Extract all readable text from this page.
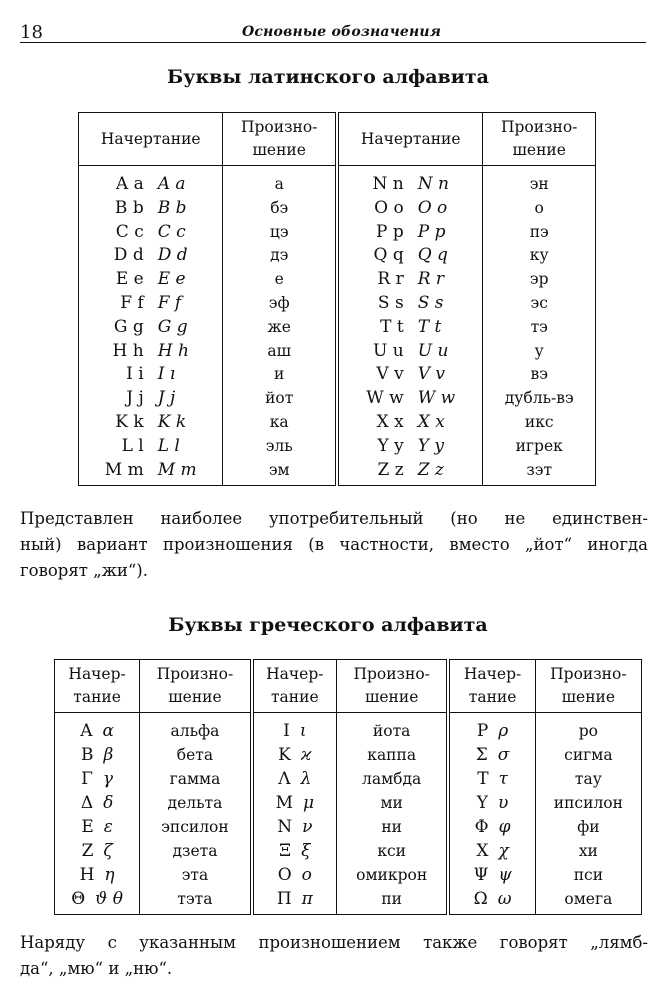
18	Основные обозначения
Буквы латинского алфавита
Начертание	Произно-
шение	Начертание	Произно-
шение

A a A a	а	N n N n	эн

B b B b	бэ	O o O o	о

C c C c	цэ	P p P p	пэ

D d D d	дэ	Q q Q q	ку

E e E e	е	R r R r	эр

F f F f	эф	S s S s	эс

G g G g	же	T t T t	тэ

H h H h	аш	U u U u	у

I i I ı	и	V v V v	вэ

J j J j	йот	W w W w	дубль-вэ

K k K k	ка	X x X x	икс

L l L l	эль	Y y Y y	игрек

M m M m	эм	Z z Z z	зэт
Представлен наиболее употребительный (но не единствен-
ный) вариант произношения (в частности, вместо „йот“ иногда
говорят „жи“).
Буквы греческого алфавита
Начер-
тание	Произно-
шение	Начер-
тание	Произно-
шение	Начер-
тание	Произно-
шение

A α	альфа	I ι	йота	P ρ	ро

B β	бета	K ϰ	каппа	Σ σ	сигма

Γ γ	гамма	Λ λ	ламбда	T τ	тау

Δ δ	дельта	M μ	ми	Υ υ	ипсилон

E ε	эпсилон	N ν	ни	Φ φ	фи

Z ζ	дзета	Ξ ξ	кси	X χ	хи

H η	эта	O ο	омикрон	Ψ ψ	пси

Θ ϑ θ	тэта	Π π	пи	Ω ω	омега
Наряду с указанным произношением также говорят „лямб-
да“, „мю“ и „ню“.
